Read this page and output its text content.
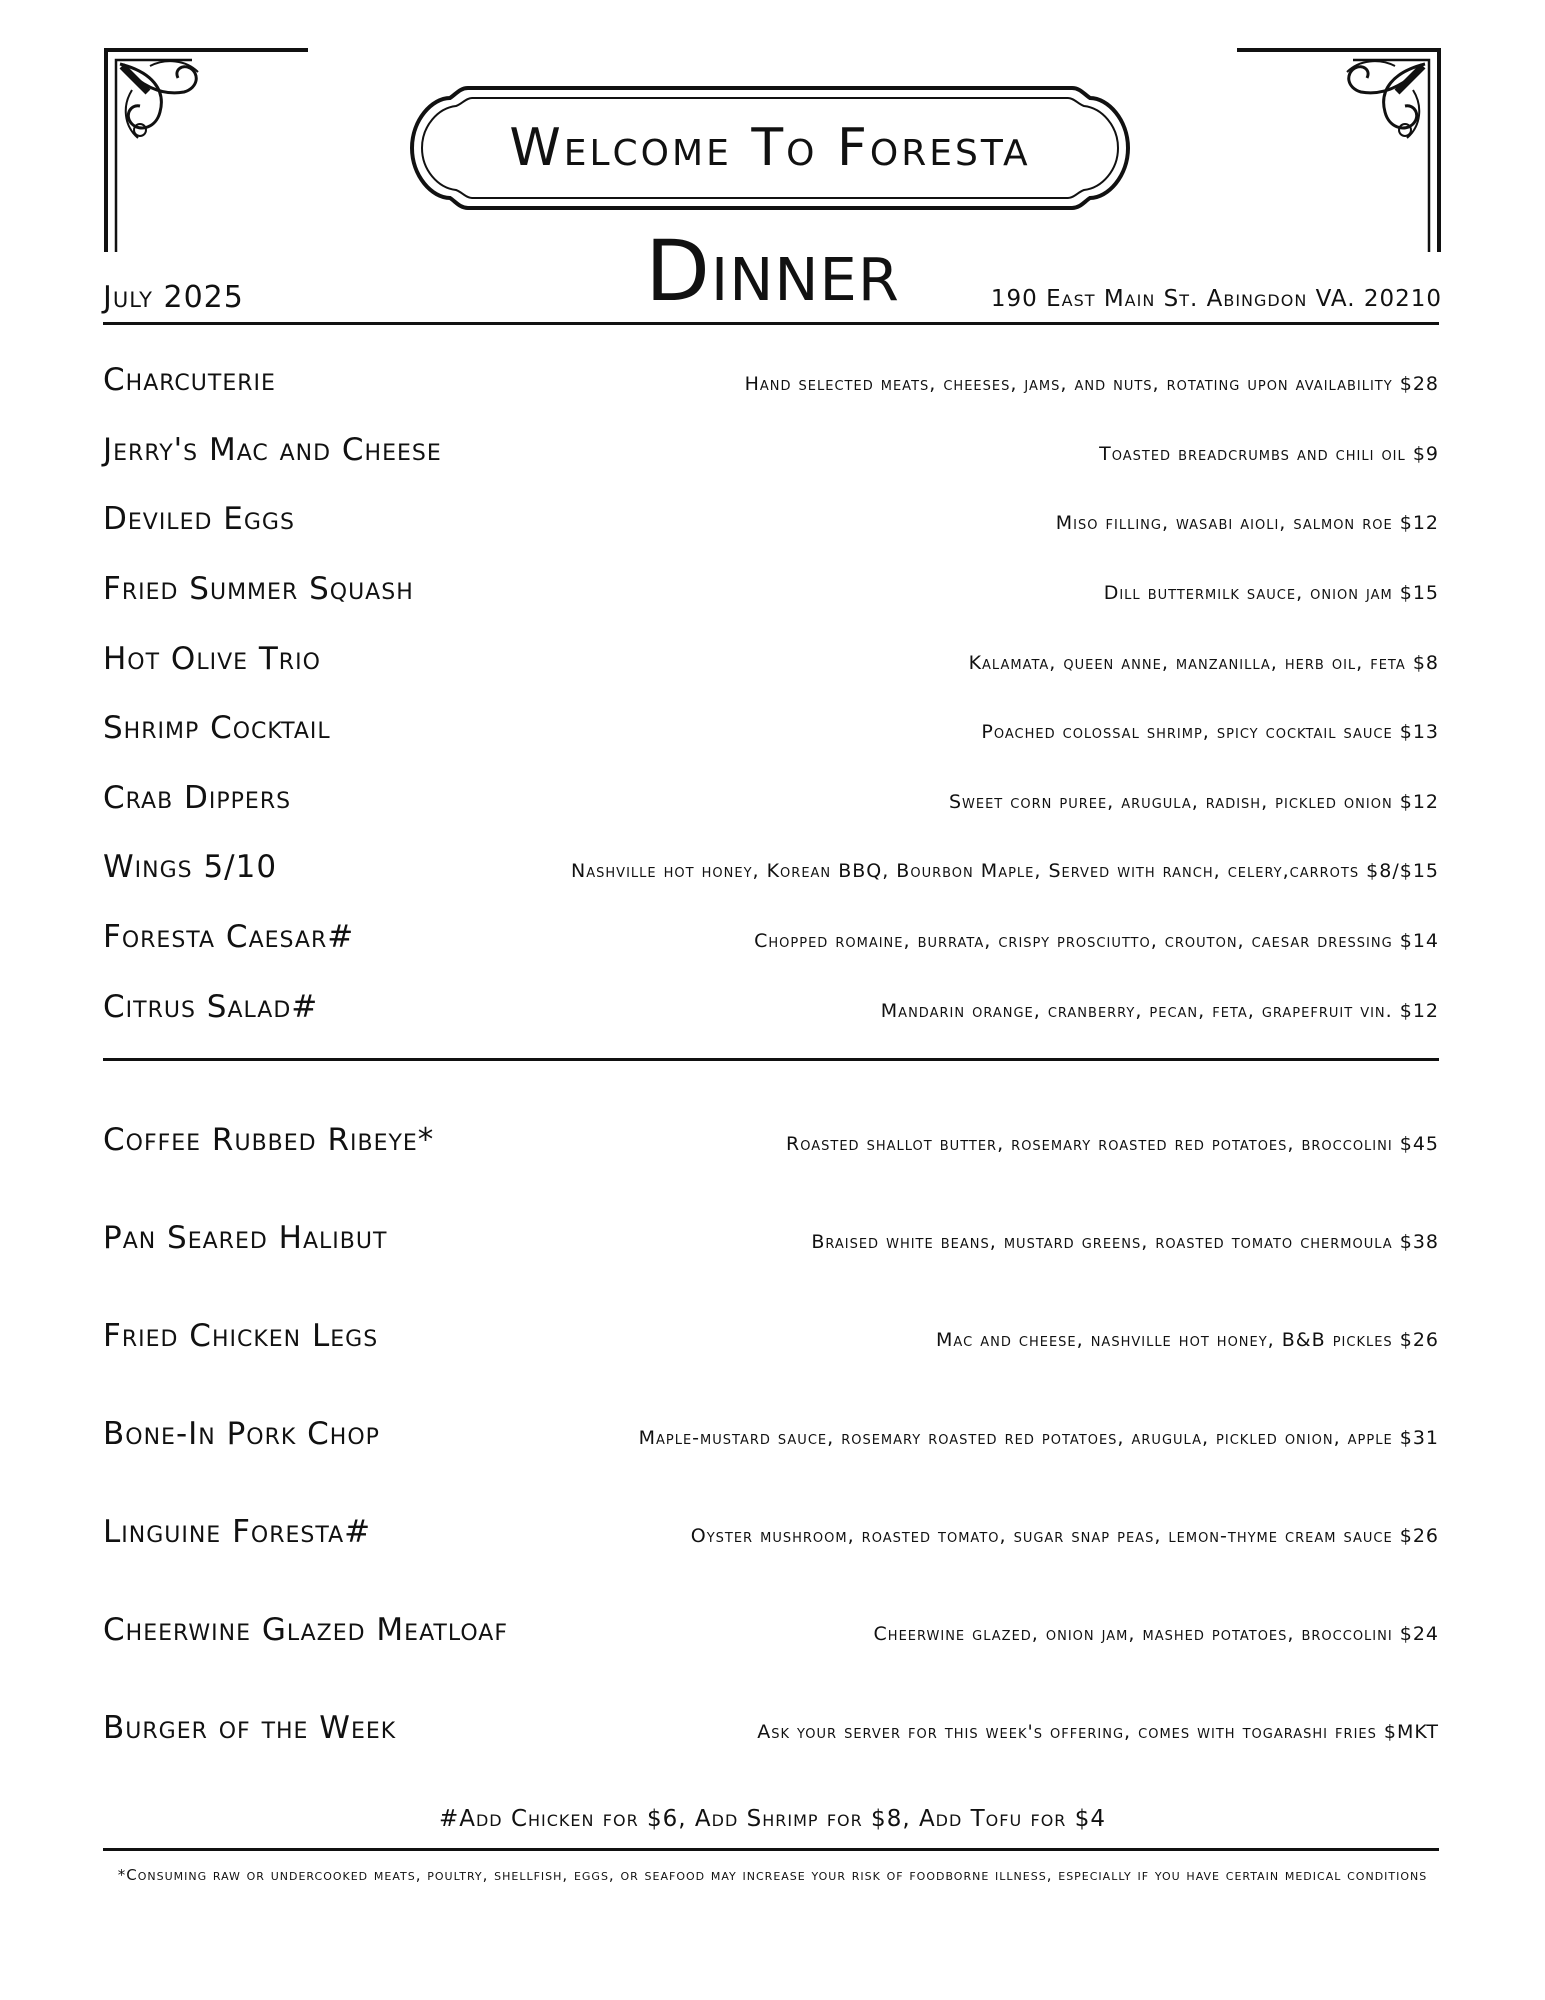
Welcome To Foresta
Dinner
July 2025	190 East Main St. Abingdon VA. 20210
Charcuterie	Hand selected meats, cheeses, jams, and nuts, rotating upon availability $28
Jerry's Mac and Cheese	Toasted breadcrumbs and chili oil $9
Deviled Eggs	Miso filling, wasabi aioli, salmon roe $12
Fried Summer Squash	Dill buttermilk sauce, onion jam $15
Hot Olive Trio	Kalamata, queen anne, manzanilla, herb oil, feta $8
Shrimp Cocktail	Poached colossal shrimp, spicy cocktail sauce $13
Crab Dippers	Sweet corn puree, arugula, radish, pickled onion $12
Wings 5/10	Nashville hot honey, Korean BBQ, Bourbon Maple, Served with ranch, celery,carrots $8/$15
Foresta Caesar#	Chopped romaine, burrata, crispy prosciutto, crouton, caesar dressing $14
Citrus Salad#	Mandarin orange, cranberry, pecan, feta, grapefruit vin. $12
Coffee Rubbed Ribeye*	Roasted shallot butter, rosemary roasted red potatoes, broccolini $45
Pan Seared Halibut	Braised white beans, mustard greens, roasted tomato chermoula $38
Fried Chicken Legs	Mac and cheese, nashville hot honey, B&B pickles $26
Bone-In Pork Chop	Maple-mustard sauce, rosemary roasted red potatoes, arugula, pickled onion, apple $31
Linguine Foresta#	Oyster mushroom, roasted tomato, sugar snap peas, lemon-thyme cream sauce $26
Cheerwine Glazed Meatloaf	Cheerwine glazed, onion jam, mashed potatoes, broccolini $24
Burger of the Week	Ask your server for this week's offering, comes with togarashi fries $MKT
#Add Chicken for $6, Add Shrimp for $8, Add Tofu for $4
*Consuming raw or undercooked meats, poultry, shellfish, eggs, or seafood may increase your risk of foodborne illness, especially if you have certain medical conditions
